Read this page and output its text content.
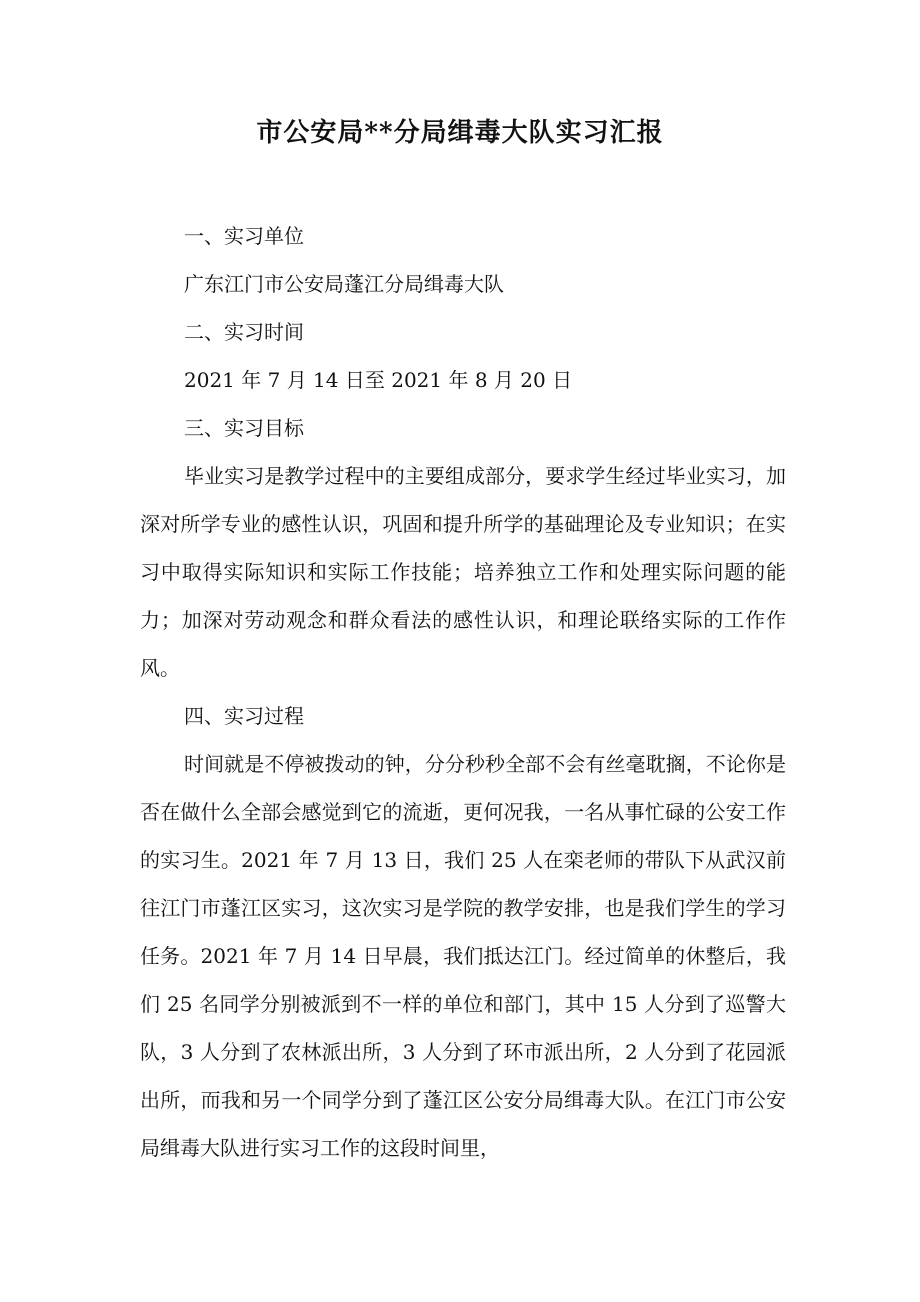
市公安局**分局缉毒大队实习汇报

一、实习单位

广东江门市公安局蓬江分局缉毒大队

二、实习时间

2021 年 7 月 14 日至 2021 年 8 月 20 日

三、实习目标

毕业实习是教学过程中的主要组成部分，要求学生经过毕业实习，加深对所学专业的感性认识，巩固和提升所学的基础理论及专业知识；在实习中取得实际知识和实际工作技能；培养独立工作和处理实际问题的能力；加深对劳动观念和群众看法的感性认识，和理论联络实际的工作作风。

四、实习过程

时间就是不停被拨动的钟，分分秒秒全部不会有丝毫耽搁，不论你是否在做什么全部会感觉到它的流逝，更何况我，一名从事忙碌的公安工作的实习生。2021 年 7 月 13 日，我们 25 人在栾老师的带队下从武汉前往江门市蓬江区实习，这次实习是学院的教学安排，也是我们学生的学习任务。2021 年 7 月 14 日早晨，我们抵达江门。经过简单的休整后，我们 25 名同学分别被派到不一样的单位和部门，其中 15 人分到了巡警大队，3 人分到了农林派出所，3 人分到了环市派出所，2 人分到了花园派出所，而我和另一个同学分到了蓬江区公安分局缉毒大队。在江门市公安局缉毒大队进行实习工作的这段时间里，
